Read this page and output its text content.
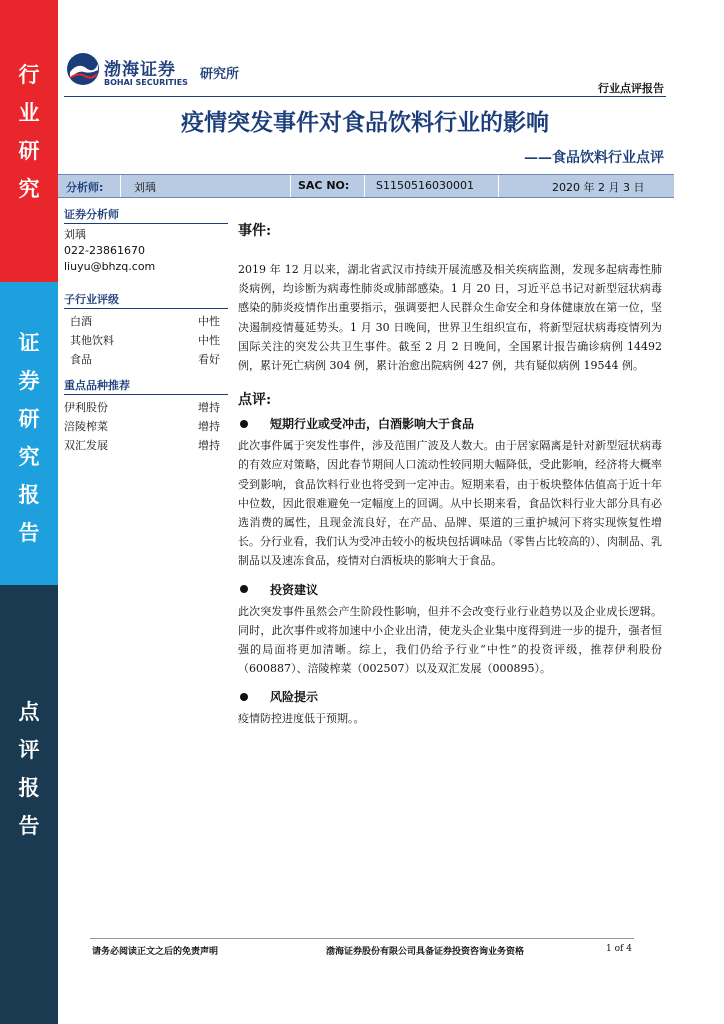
行
业
研
究
证
券
研
究
报
告
点
评
报
告
渤海证券
BOHAI SECURITIES
研究所
行业点评报告
疫情突发事件对食品饮料行业的影响
——食品饮料行业点评
分析师:	刘瑀	SAC NO: S1150516030001	2020 年 2 月 3 日
证券分析师
刘瑀
022-23861670
liuyu@bhzq.com
子行业评级
白酒	中性
其他饮料	中性
食品	看好
重点品种推荐
伊利股份	增持
涪陵榨菜	增持
双汇发展	增持
事件:
2019 年 12 月以来，湖北省武汉市持续开展流感及相关疾病监测，发现多起病毒性肺炎病例，均诊断为病毒性肺炎或肺部感染。1 月 20 日，习近平总书记对新型冠状病毒感染的肺炎疫情作出重要指示，强调要把人民群众生命安全和身体健康放在第一位，坚决遏制疫情蔓延势头。1 月 30 日晚间，世界卫生组织宣布，将新型冠状病毒疫情列为国际关注的突发公共卫生事件。截至 2 月 2 日晚间，全国累计报告确诊病例 14492 例，累计死亡病例 304 例，累计治愈出院病例 427 例，共有疑似病例 19544 例。
点评:
短期行业或受冲击，白酒影响大于食品
此次事件属于突发性事件，涉及范围广波及人数大。由于居家隔离是针对新型冠状病毒的有效应对策略，因此春节期间人口流动性较同期大幅降低，受此影响，经济将大概率受到影响，食品饮料行业也将受到一定冲击。短期来看，由于板块整体估值高于近十年中位数，因此很难避免一定幅度上的回调。从中长期来看，食品饮料行业大部分具有必选消费的属性，且现金流良好，在产品、品牌、渠道的三重护城河下将实现恢复性增长。分行业看，我们认为受冲击较小的板块包括调味品（零售占比较高的）、肉制品、乳制品以及速冻食品，疫情对白酒板块的影响大于食品。
投资建议
此次突发事件虽然会产生阶段性影响，但并不会改变行业行业趋势以及企业成长逻辑。同时，此次事件或将加速中小企业出清，使龙头企业集中度得到进一步的提升，强者恒强的局面将更加清晰。综上，我们仍给予行业“中性”的投资评级，推荐伊利股份（600887）、涪陵榨菜（002507）以及双汇发展（000895）。
风险提示
疫情防控进度低于预期。。
请务必阅读正文之后的免责声明	渤海证券股份有限公司具备证券投资咨询业务资格	1 of 4
